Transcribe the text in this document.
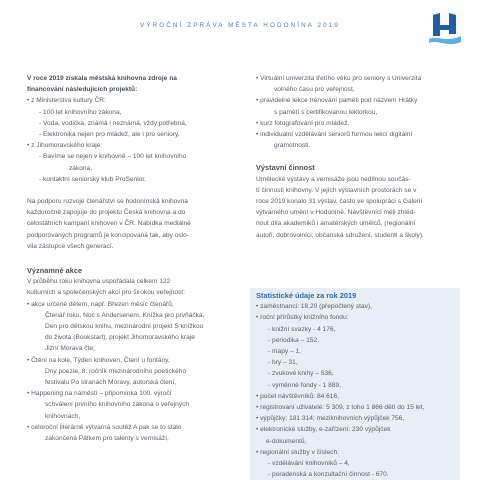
VÝROČNÍ ZPRÁVA MĚSTA HODONÍNA 2019

V roce 2019 získala městská knihovna zdroje na

financování následujících projektů:

• z Ministerstva kultury ČR:

- 100 let knihovního zákona,

- Voda, vodička, známá i neznámá, vždy potřebná,

- Elektronika nejen pro mládež, ale i pro seniory,

• z Jihomoravského kraje:

- Bavíme se nejen v knihovně – 100 let knihovního

zákona,

- kontaktní seniorský klub ProSenior.

Na podporu rozvoje čtenářství se hodonínská knihovna

každoročně zapojuje do projektu Česká knihovna a do

celostátních kampaní knihoven v ČR. Nabídka mediálně

podporovaných programů je koncipovaná tak, aby oslo-

vila zástupce všech generací.

Významné akce

V průběhu roku knihovna uspořádala celkem 122

kulturních a společenských akcí pro širokou veřejnost:

• akce určené dětem, např. Březen měsíc čtenářů,

Čtenář roku, Noc s Andersenem, Knížka pro prvňáčka,

Den pro dětskou knihu, mezinárodní projekt S knížkou

do života (Bookstart), projekt Jihomoravského kraje

Jižní Morava čte;

• Čtění na kole, Týden knihoven, Čtení u fontány,

Dny poezie, 8. ročník mezinárodního poetického

festivalu Po stranách Moravy, autorská čtení,

• Happening na náměstí – připomínka 100. výročí

schválení prvního knihovního zákona o veřejných

knihovnách,

• celoroční literárně výtvarná soutěž A pak se to stalo

zakončená Pátkem pro talenty s vernisáží,

• Virtuální univerzita třetího věku pro seniory s Univerzita

volného času pro veřejnost,

• pravidelné lekce trénování paměti pod názvem Hrátky

s pamětí s certifikovanou lektorkou,

• kurz fotografování pro mládež,

• individuální vzdělávání seniorů formou lekcí digitální

gramotnosti.

Výstavní činnost

Umělecké výstavy a vernisáže jsou nedílnou součás-

tí činnosti knihovny. V jejích výstavních prostorách se v

roce 2019 konalo 31 výstav, často ve spolupráci s Galerií

výtvarného umění v Hodoníně. Návštěvníci měli zhléd-

nout díla akademiků i amatérských umělců, (regionální

autoři, dobrovolníci, občanská sdružení, studenti a školy).

Statistické údaje za rok 2019

• zaměstnanci: 18,20 (přepočtený stav),

• roční přírůstky knižního fondu:

- knižní svazky - 4 176,

- periodika – 152,

- mapy – 1,

- hry – 31,

- zvukové knihy – 536,

- výměnné fondy - 1 889,

• počet návštěvníků: 84 616,

• registrovaní uživatelé: 5 309, z toho 1 866 dětí do 15 let,

• výpůjčky: 181 314; meziknihovních výpůjček 756,

• elektronické služby, e-zařízení: 230 výpůjček

e-dokumentů,

• regionální služby v číslech:

- vzdělávání knihovníků – 4,

- poradenská a konzultační činnost - 670.
